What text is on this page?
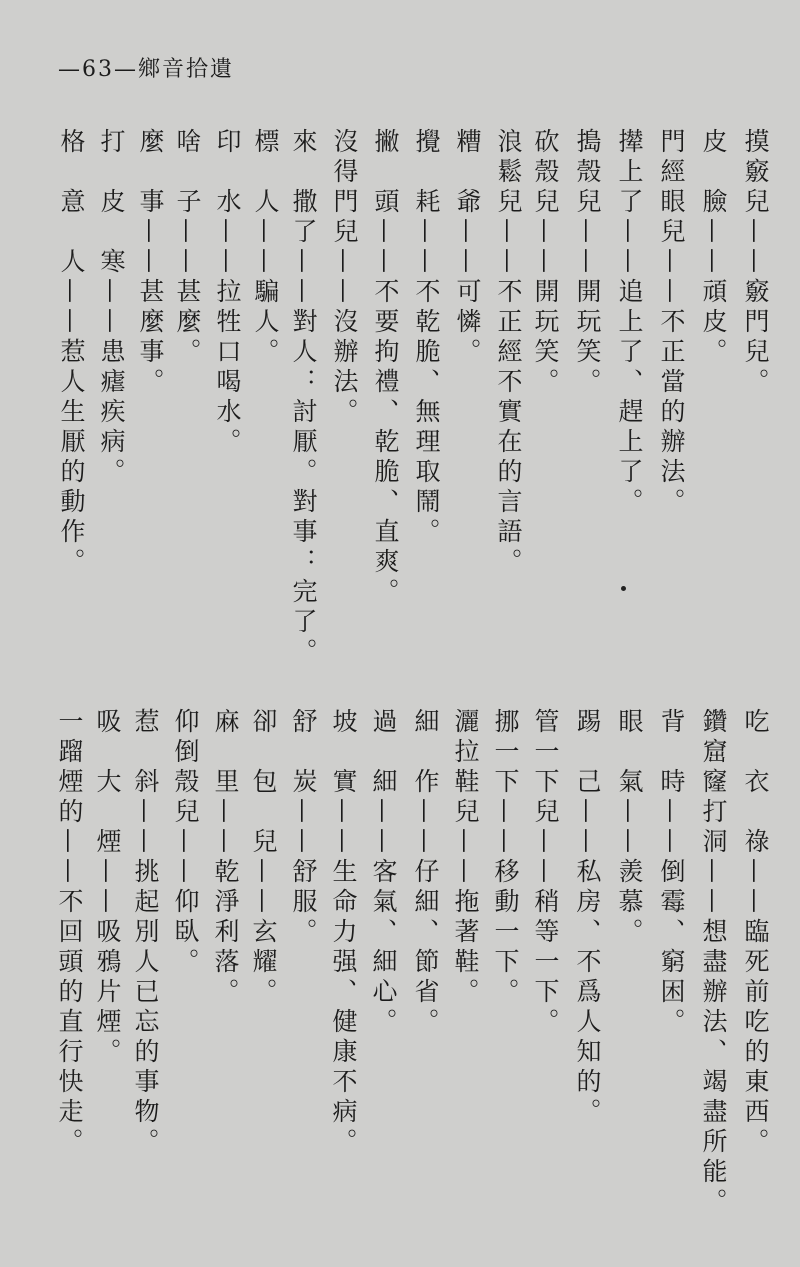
—63—鄉音拾遺
摸竅兒——竅門兒。
皮　臉——頑皮。
門經眼兒——不正當的辦法。
撵上了——追上了、趕上了。
搗殼兒——開玩笑。
砍殼兒——開玩笑。
浪鬆兒——不正經不實在的言語。
糟　爺——可憐。
攪　耗——不乾脆、無理取鬧。
撇　頭——不要拘禮、乾脆、直爽。
沒得門兒——沒辦法。
來　撒了——對人：討厭。對事：完了。
標　人——騙人。
印　水——拉牲口喝水。
啥　子——甚麼。
麼　事——甚麼事。
打　皮　寒——患瘧疾病。
格　意　人——惹人生厭的動作。
吃　衣　祿——臨死前吃的東西。
鑽窟窿打洞——想盡辦法、竭盡所能。
背　時——倒霉、窮困。
眼　氣——羨慕。
踢　己——私房、不爲人知的。
管一下兒——稍等一下。
挪一下——移動一下。
灑拉鞋兒——拖著鞋。
細　作——仔細、節省。
過　細——客氣、細心。
坡　實——生命力强、健康不病。
舒　炭——舒服。
卻　包　兒——玄耀。
麻　里——乾淨利落。
仰倒殼兒——仰臥。
惹　斜——挑起別人已忘的事物。
吸　大　煙——吸鴉片煙。
一蹓煙的——不回頭的直行快走。
